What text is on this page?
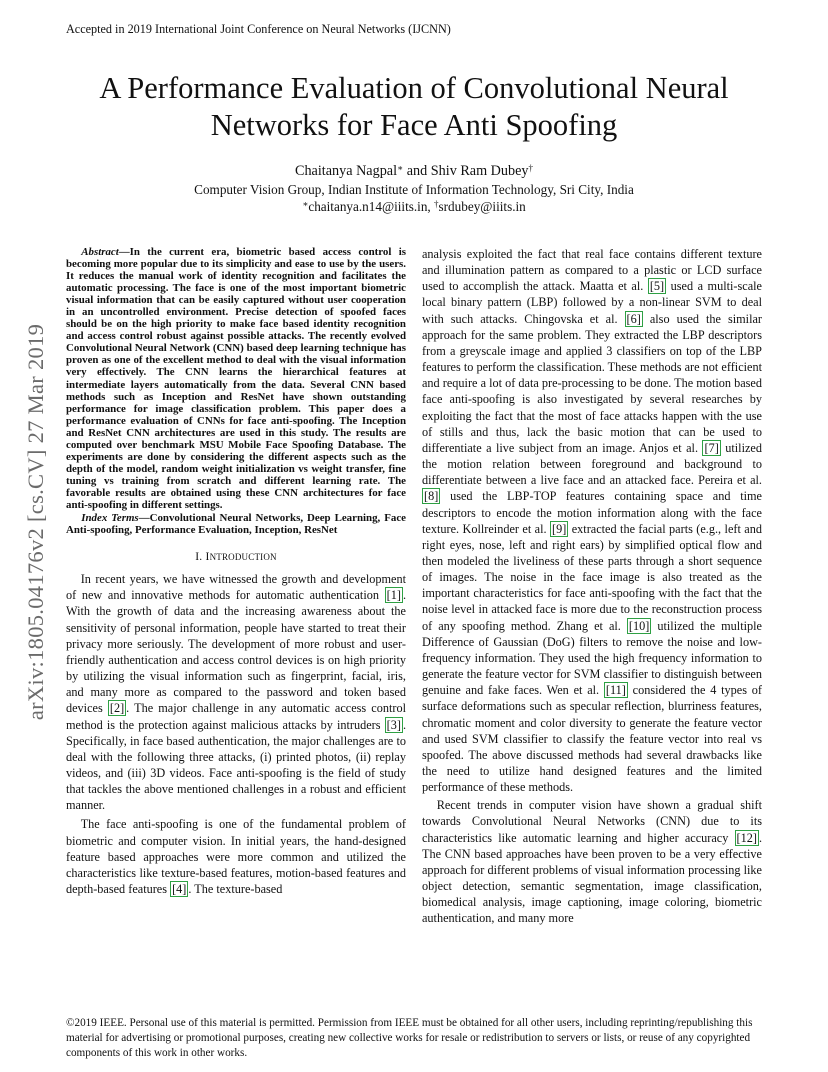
Accepted in 2019 International Joint Conference on Neural Networks (IJCNN)
arXiv:1805.04176v2 [cs.CV] 27 Mar 2019
A Performance Evaluation of Convolutional Neural Networks for Face Anti Spoofing
Chaitanya Nagpal∗ and Shiv Ram Dubey†
Computer Vision Group, Indian Institute of Information Technology, Sri City, India
∗chaitanya.n14@iiits.in, †srdubey@iiits.in

Abstract—In the current era, biometric based access control is becoming more popular due to its simplicity and ease to use by the users. It reduces the manual work of identity recognition and facilitates the automatic processing. The face is one of the most important biometric visual information that can be easily captured without user cooperation in an uncontrolled environment. Precise detection of spoofed faces should be on the high priority to make face based identity recognition and access control robust against possible attacks. The recently evolved Convolutional Neural Network (CNN) based deep learning technique has proven as one of the excellent method to deal with the visual information very effectively. The CNN learns the hierarchical features at intermediate layers automatically from the data. Several CNN based methods such as Inception and ResNet have shown outstanding performance for image classification problem. This paper does a performance evaluation of CNNs for face anti-spoofing. The Inception and ResNet CNN architectures are used in this study. The results are computed over benchmark MSU Mobile Face Spoofing Database. The experiments are done by considering the different aspects such as the depth of the model, random weight initialization vs weight transfer, fine tuning vs training from scratch and different learning rate. The favorable results are obtained using these CNN architectures for face anti-spoofing in different settings.

Index Terms—Convolutional Neural Networks, Deep Learning, Face Anti-spoofing, Performance Evaluation, Inception, ResNet

I. INTRODUCTION

In recent years, we have witnessed the growth and development of new and innovative methods for automatic authentication [1] . With the growth of data and the increasing awareness about the sensitivity of personal information, people have started to treat their privacy more seriously. The development of more robust and user-friendly authentication and access control devices is on high priority by utilizing the visual information such as fingerprint, facial, iris, and many more as compared to the password and token based devices [2] . The major challenge in any automatic access control method is the protection against malicious attacks by intruders [3] . Specifically, in face based authentication, the major challenges are to deal with the following three attacks, (i) printed photos, (ii) replay videos, and (iii) 3D videos. Face anti-spoofing is the field of study that tackles the above mentioned challenges in a robust and efficient manner.

The face anti-spoofing is one of the fundamental problem of biometric and computer vision. In initial years, the hand-designed feature based approaches were more common and utilized the characteristics like texture-based features, motion-based features and depth-based features [4] . The texture-based

analysis exploited the fact that real face contains different texture and illumination pattern as compared to a plastic or LCD surface used to accomplish the attack. Maatta et al. [5] used a multi-scale local binary pattern (LBP) followed by a non-linear SVM to deal with such attacks. Chingovska et al. [6] also used the similar approach for the same problem. They extracted the LBP descriptors from a greyscale image and applied 3 classifiers on top of the LBP features to perform the classification. These methods are not efficient and require a lot of data pre-processing to be done. The motion based face anti-spoofing is also investigated by several researches by exploiting the fact that the most of face attacks happen with the use of stills and thus, lack the basic motion that can be used to differentiate a live subject from an image. Anjos et al. [7] utilized the motion relation between foreground and background to differentiate between a live face and an attacked face. Pereira et al. [8] used the LBP-TOP features containing space and time descriptors to encode the motion information along with the face texture. Kollreinder et al. [9] extracted the facial parts (e.g., left and right eyes, nose, left and right ears) by simplified optical flow and then modeled the liveliness of these parts through a short sequence of images. The noise in the face image is also treated as the important characteristics for face anti-spoofing with the fact that the noise level in attacked face is more due to the reconstruction process of any spoofing method. Zhang et al. [10] utilized the multiple Difference of Gaussian (DoG) filters to remove the noise and low-frequency information. They used the high frequency information to generate the feature vector for SVM classifier to distinguish between genuine and fake faces. Wen et al. [11] considered the 4 types of surface deformations such as specular reflection, blurriness features, chromatic moment and color diversity to generate the feature vector and used SVM classifier to classify the feature vector into real vs spoofed. The above discussed methods had several drawbacks like the need to utilize hand designed features and the limited performance of these methods.

Recent trends in computer vision have shown a gradual shift towards Convolutional Neural Networks (CNN) due to its characteristics like automatic learning and higher accuracy [12] . The CNN based approaches have been proven to be a very effective approach for different problems of visual information processing like object detection, semantic segmentation, image classification, biomedical analysis, image captioning, image coloring, biometric authentication, and many more

©2019 IEEE. Personal use of this material is permitted. Permission from IEEE must be obtained for all other users, including reprinting/republishing this material for advertising or promotional purposes, creating new collective works for resale or redistribution to servers or lists, or reuse of any copyrighted components of this work in other works.
